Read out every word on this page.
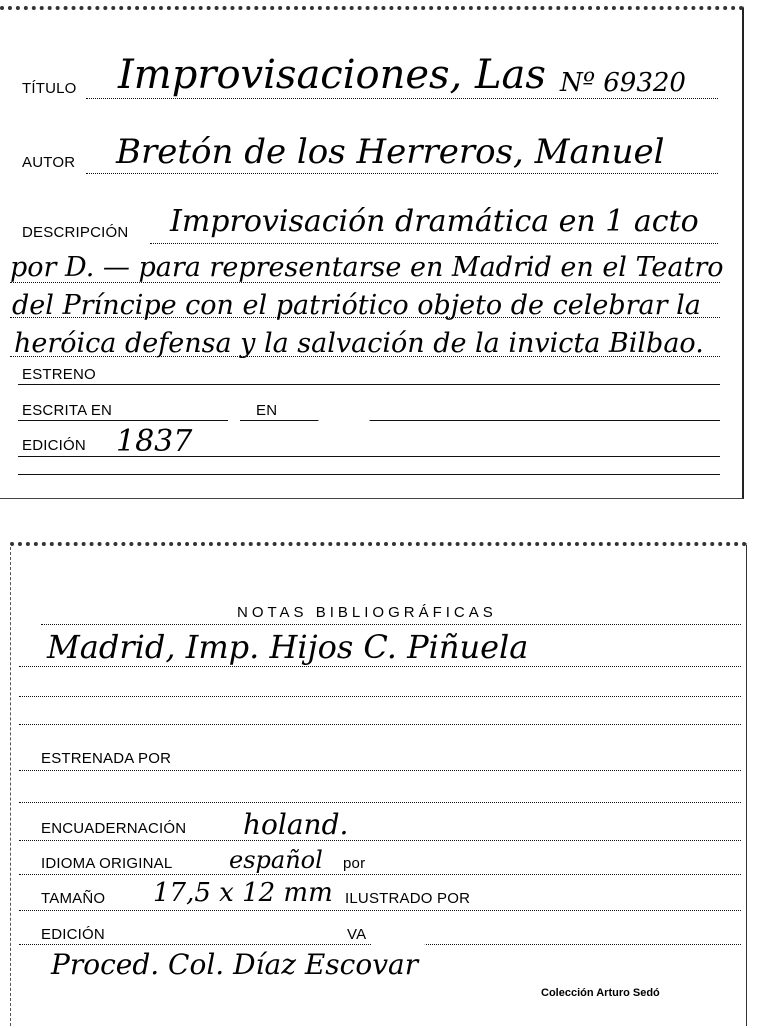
TÍTULO Improvisaciones, Las Nº 69320
AUTOR Bretón de los Herreros, Manuel
DESCRIPCIÓN Improvisación dramática en 1 acto
por D. — para representarse en Madrid en el Teatro
del Príncipe con el patriótico objeto de celebrar la
heróica defensa y la salvación de la invicta Bilbao.
ESTRENO
ESCRITA EN	EN
EDICIÓN 1837
NOTAS BIBLIOGRÁFICAS
Madrid, Imp. Hijos C. Piñuela
ESTRENADA POR
ENCUADERNACIÓN holand.
IDIOMA ORIGINAL español por
TAMAÑO 17,5 x 12 mm ILUSTRADO POR
EDICIÓN	VA
Proced. Col. Díaz Escovar
Colección Arturo Sedó
